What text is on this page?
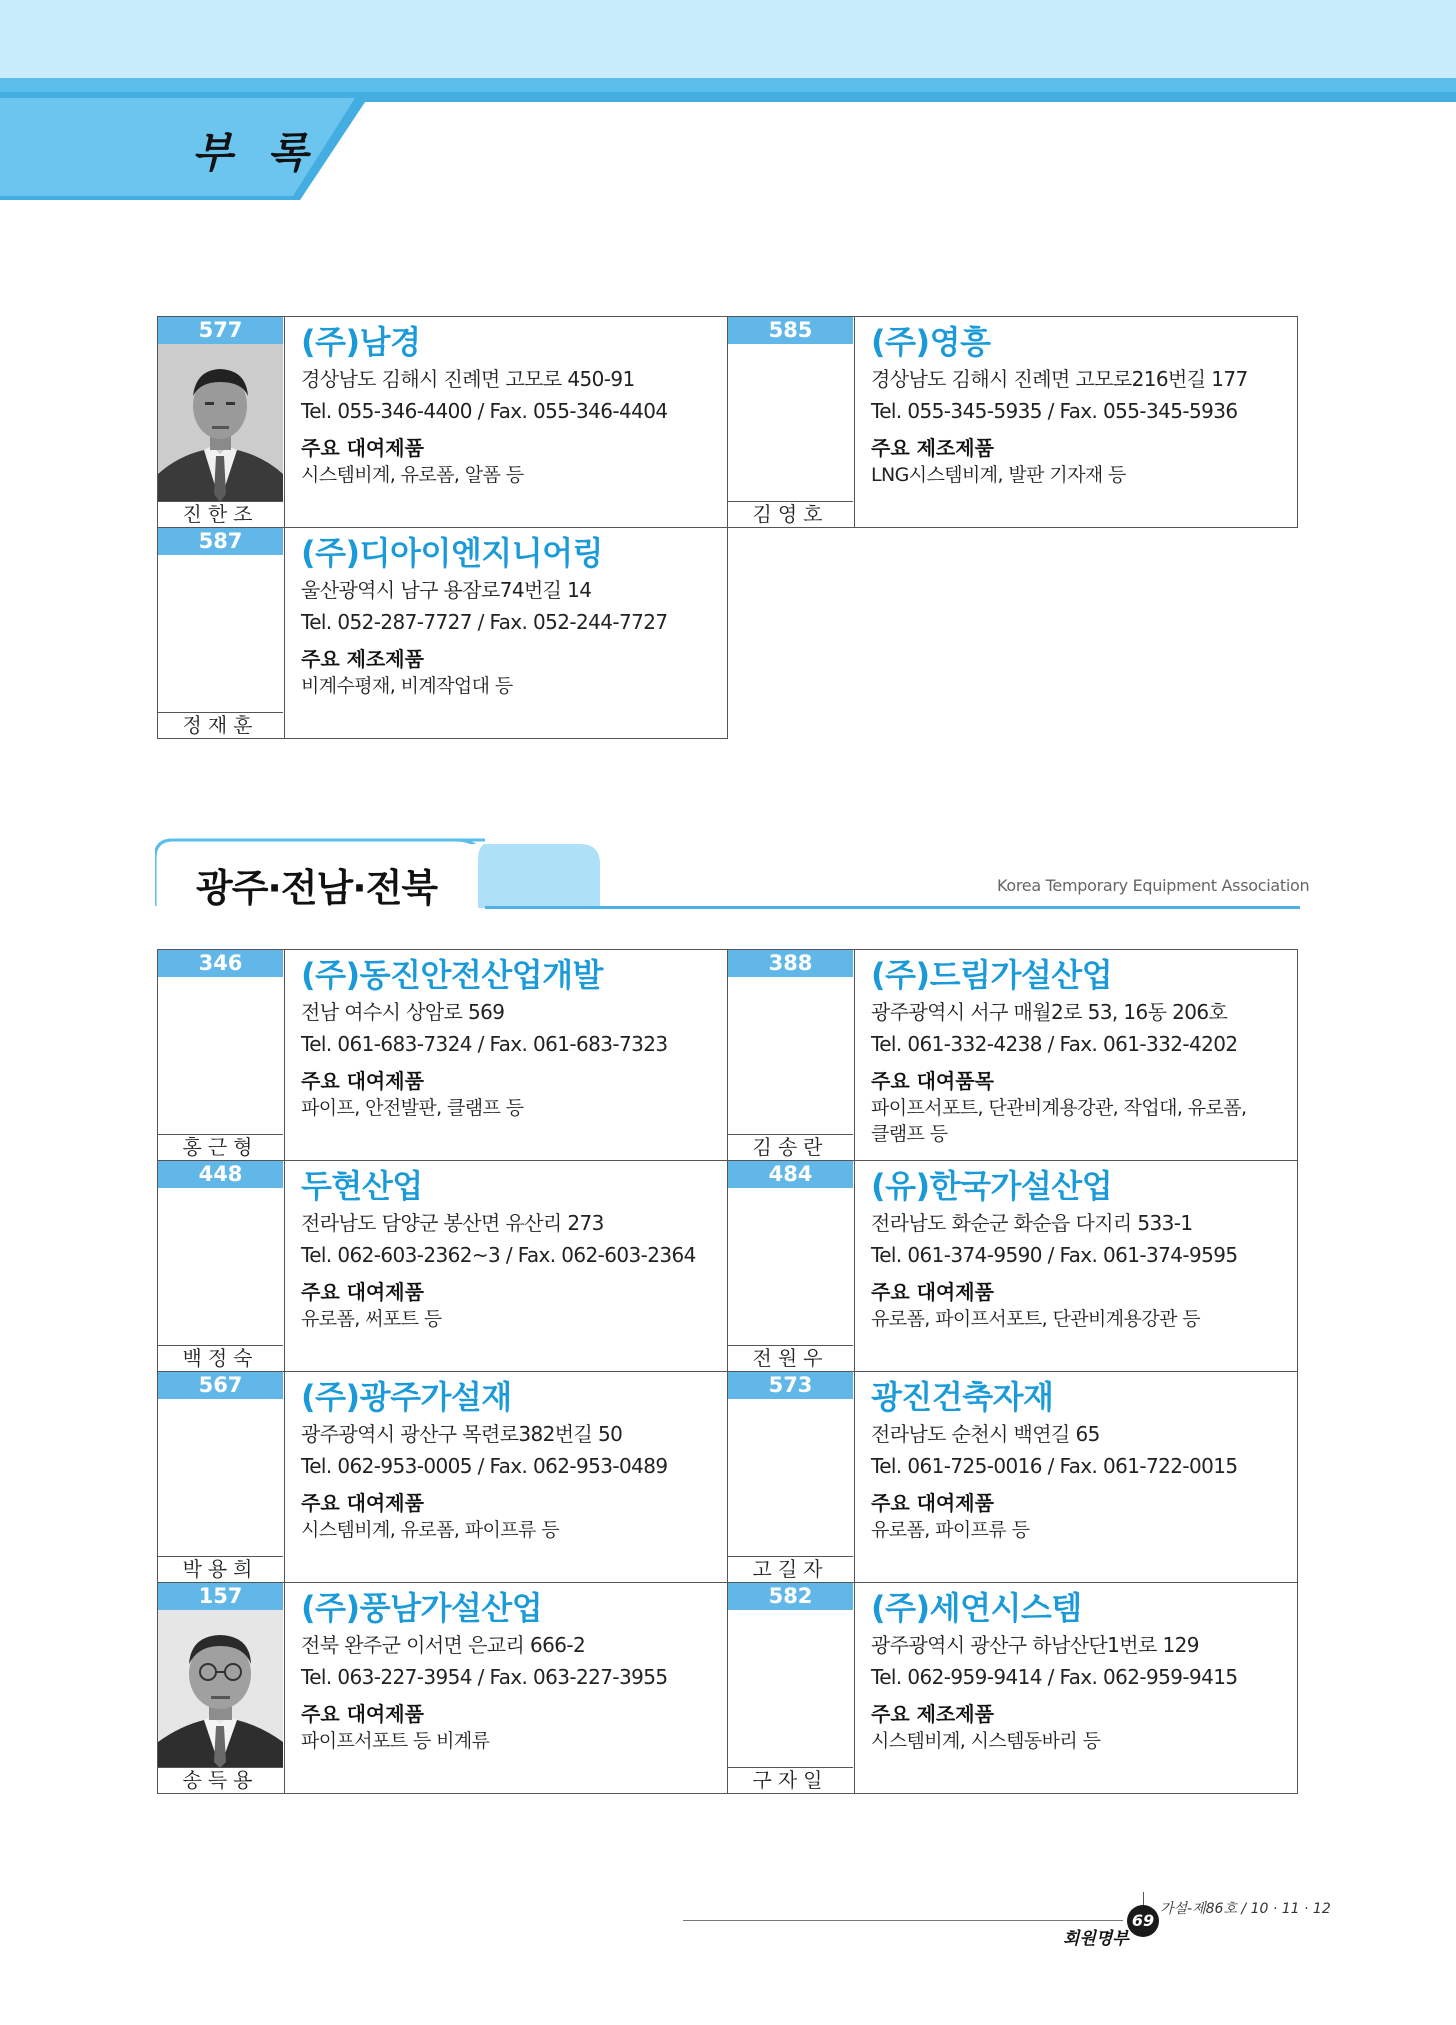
부 록
577
진한조
(주)남경
경상남도 김해시 진례면 고모로 450-91
Tel. 055-346-4400 / Fax. 055-346-4404
주요 대여제품
시스템비계, 유로폼, 알폼 등
585
김영호
(주)영흥
경상남도 김해시 진례면 고모로216번길 177
Tel. 055-345-5935 / Fax. 055-345-5936
주요 제조제품
LNG시스템비계, 발판 기자재 등
587
정재훈
(주)디아이엔지니어링
울산광역시 남구 용잠로74번길 14
Tel. 052-287-7727 / Fax. 052-244-7727
주요 제조제품
비계수평재, 비계작업대 등
광주·전남·전북	Korea Temporary Equipment Association
346
홍근형
(주)동진안전산업개발
전남 여수시 상암로 569
Tel. 061-683-7324 / Fax. 061-683-7323
주요 대여제품
파이프, 안전발판, 클램프 등
388
김송란
(주)드림가설산업
광주광역시 서구 매월2로 53, 16동 206호
Tel. 061-332-4238 / Fax. 061-332-4202
주요 대여품목
파이프서포트, 단관비계용강관, 작업대, 유로폼, 클램프 등
448
백정숙
두현산업
전라남도 담양군 봉산면 유산리 273
Tel. 062-603-2362~3 / Fax. 062-603-2364
주요 대여제품
유로폼, 써포트 등
484
전원우
(유)한국가설산업
전라남도 화순군 화순읍 다지리 533-1
Tel. 061-374-9590 / Fax. 061-374-9595
주요 대여제품
유로폼, 파이프서포트, 단관비계용강관 등
567
박용희
(주)광주가설재
광주광역시 광산구 목련로382번길 50
Tel. 062-953-0005 / Fax. 062-953-0489
주요 대여제품
시스템비계, 유로폼, 파이프류 등
573
고길자
광진건축자재
전라남도 순천시 백연길 65
Tel. 061-725-0016 / Fax. 061-722-0015
주요 대여제품
유로폼, 파이프류 등
157
송득용
(주)풍남가설산업
전북 완주군 이서면 은교리 666-2
Tel. 063-227-3954 / Fax. 063-227-3955
주요 대여제품
파이프서포트 등 비계류
582
구자일
(주)세연시스템
광주광역시 광산구 하남산단1번로 129
Tel. 062-959-9414 / Fax. 062-959-9415
주요 제조제품
시스템비계, 시스템동바리 등
69
가설-제86호 / 10 · 11 · 12
회원명부
